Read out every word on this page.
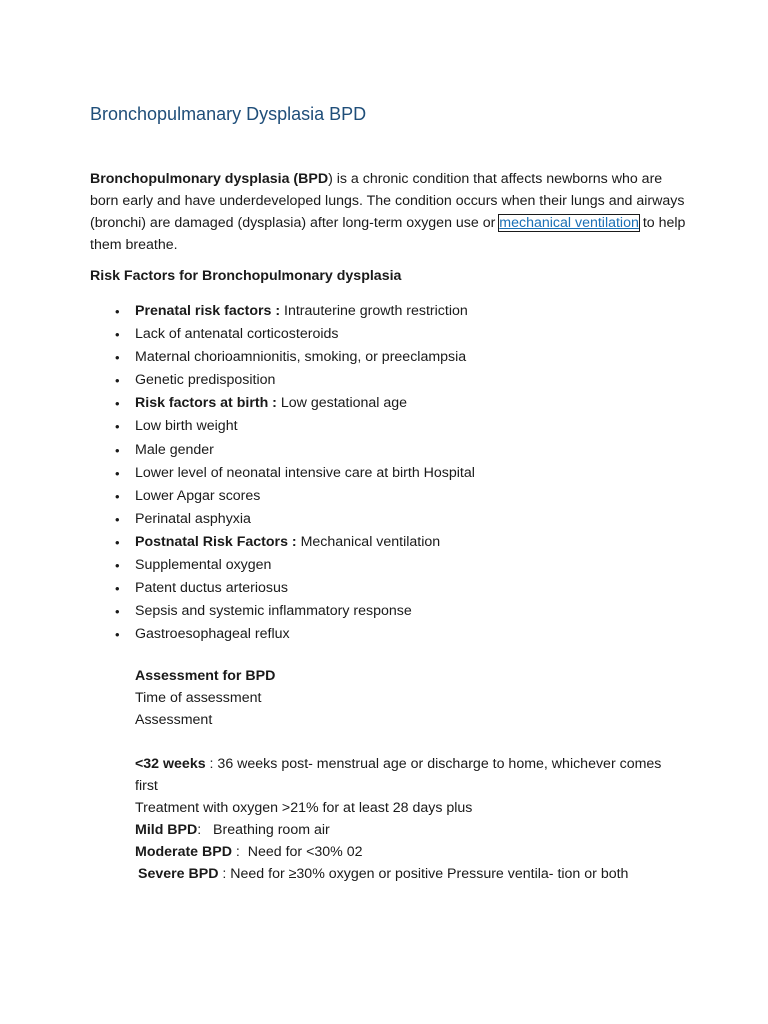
Bronchopulmanary Dysplasia BPD

Bronchopulmonary dysplasia (BPD) is a chronic condition that affects newborns who are born early and have underdeveloped lungs. The condition occurs when their lungs and airways (bronchi) are damaged (dysplasia) after long-term oxygen use or mechanical ventilation to help them breathe.

Risk Factors for Bronchopulmonary dysplasia

• Prenatal risk factors : Intrauterine growth restriction
• Lack of antenatal corticosteroids
• Maternal chorioamnionitis, smoking, or preeclampsia
• Genetic predisposition
• Risk factors at birth : Low gestational age
• Low birth weight
• Male gender
• Lower level of neonatal intensive care at birth Hospital
• Lower Apgar scores
• Perinatal asphyxia
• Postnatal Risk Factors : Mechanical ventilation
• Supplemental oxygen
• Patent ductus arteriosus
• Sepsis and systemic inflammatory response
• Gastroesophageal reflux

Assessment for BPD

Time of assessment

Assessment

<32 weeks : 36 weeks post- menstrual age or discharge to home, whichever comes first

Treatment with oxygen >21% for at least 28 days plus

Mild BPD:   Breathing room air

Moderate BPD :  Need for <30% 02

Severe BPD : Need for ≥30% oxygen or positive Pressure ventila- tion or both
